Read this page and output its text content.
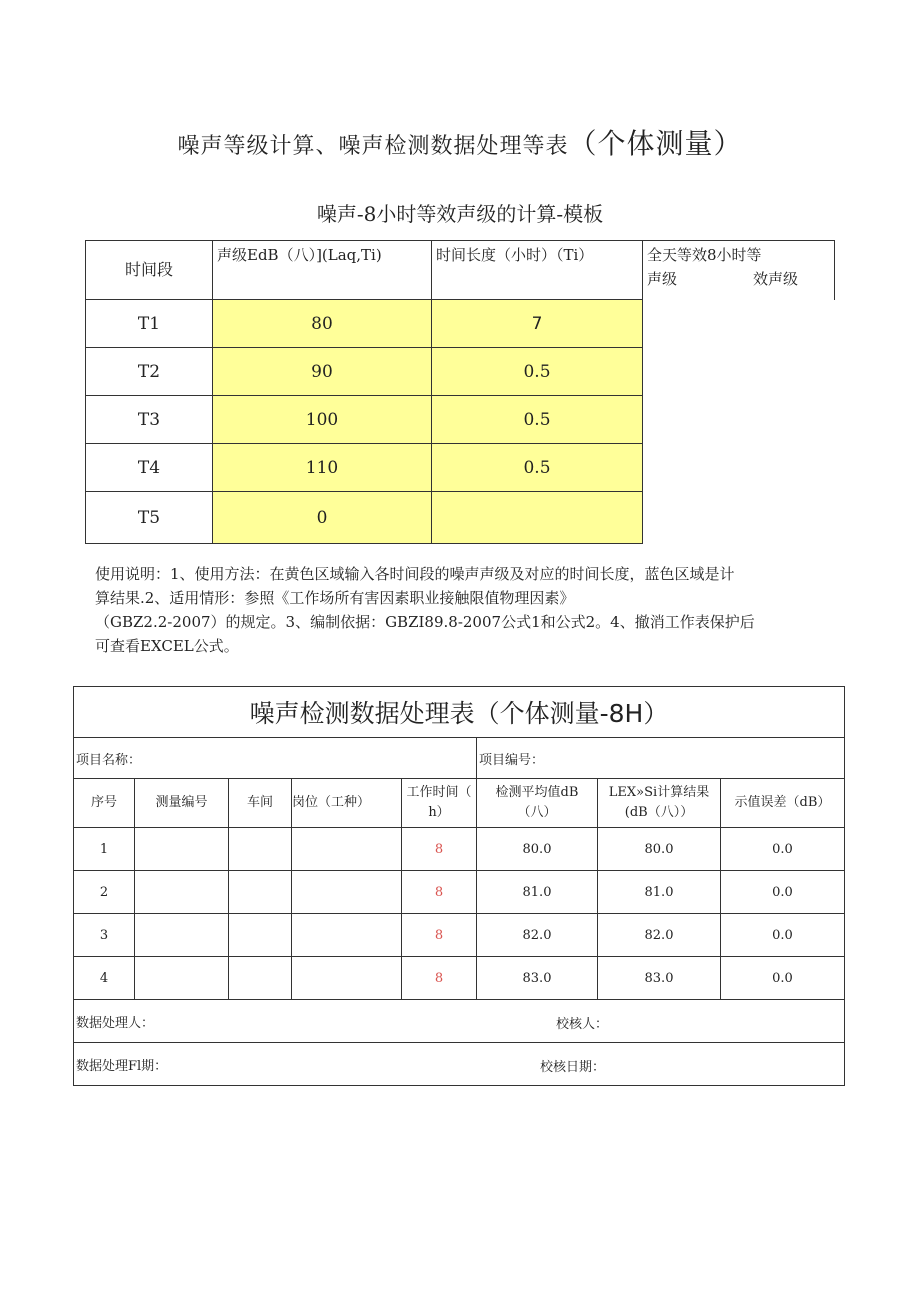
噪声等级计算、噪声检测数据处理等表（个体测量）
噪声-8小时等效声级的计算-模板
时间段	声级EdB（八）](Laq,Ti)	时间长度（小时）（Ti）	全天等效8小时等
声级 效声级

T1	80	7	
T2	90	0.5	
T3	100	0.5	
T4	110	0.5	
T5	0		
使用说明：1、使用方法：在黄色区域输入各时间段的噪声声级及对应的时间长度，蓝色区域是计
算结果.2、适用情形：参照《工作场所有害因素职业接触限值物理因素》
（GBZ2.2-2007）的规定。3、编制依据：GBZI89.8-2007公式1和公式2。4、撤消工作表保护后
可查看EXCEL公式。
噪声检测数据处理表（个体测量-8H）							
项目名称：					项目编号：		
序号	测量编号	车间	岗位（工种）	工作时间（
h）	检测平均值dB
（八）	LEX»Si计算结果
(dB（八））	示值误差（dB）
1				8	80.0	80.0	0.0
2				8	81.0	81.0	0.0
3				8	82.0	82.0	0.0
4				8	83.0	83.0	0.0
数据处理人： 校核人：							

数据处理Fl期： 校核日期：							
